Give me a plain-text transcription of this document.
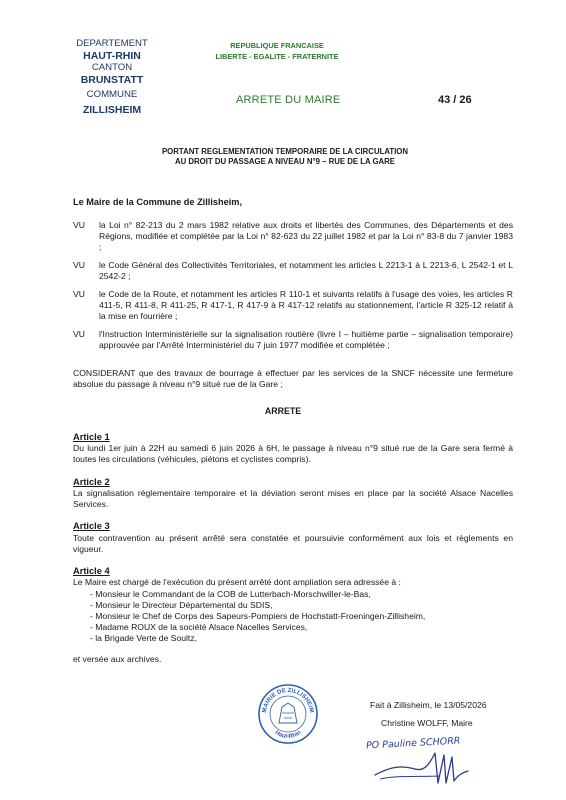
DEPARTEMENT
HAUT-RHIN
CANTON
BRUNSTATT
COMMUNE
ZILLISHEIM
REPUBLIQUE FRANCAISE
LIBERTE - EGALITE - FRATERNITE
ARRETE DU MAIRE	43 / 26
PORTANT REGLEMENTATION TEMPORAIRE DE LA CIRCULATION
AU DROIT DU PASSAGE A NIVEAU N°9 – RUE DE LA GARE
Le Maire de la Commune de Zillisheim,
VU	la Loi n° 82-213 du 2 mars 1982 relative aux droits et libertés des Communes, des Départements et des Régions, modifiée et complétée par la Loi n° 82-623 du 22 juillet 1982 et par la Loi n° 83-8 du 7 janvier 1983 ;
VU	le Code Général des Collectivités Territoriales, et notamment les articles L 2213-1 à L 2213-6, L 2542-1 et L 2542-2 ;
VU	le Code de la Route, et notamment les articles R 110-1 et suivants relatifs à l'usage des voies, les articles R 411-5, R 411-8, R 411-25, R 417-1, R 417-9 à R 417-12 relatifs au stationnement, l'article R 325-12 relatif à la mise en fourrière ;
VU	l'Instruction Interministérielle sur la signalisation routière (livre I – huitième partie – signalisation temporaire) approuvée par l'Arrêté Interministériel du 7 juin 1977 modifiée et complétée ;
CONSIDERANT que des travaux de bourrage à effectuer par les services de la SNCF nécessite une fermeture absolue du passage à niveau n°9 situé rue de la Gare ;
ARRETE
Article 1
Du lundi 1er juin à 22H au samedi 6 juin 2026 à 6H, le passage à niveau n°9 situé rue de la Gare sera fermé à toutes les circulations (véhicules, piétons et cyclistes compris).
Article 2
La signalisation réglementaire temporaire et la déviation seront mises en place par la société Alsace Nacelles Services.
Article 3
Toute contravention au présent arrêté sera constatée et poursuivie conformément aux lois et règlements en vigueur.
Article 4
Le Maire est chargé de l'exécution du présent arrêté dont ampliation sera adressée à :
- Monsieur le Commandant de la COB de Lutterbach-Morschwiller-le-Bas,
- Monsieur le Directeur Départemental du SDIS,
- Monsieur le Chef de Corps des Sapeurs-Pompiers de Hochstatt-Froeningen-Zillisheim,
- Madame ROUX de la société Alsace Nacelles Services,
- la Brigade Verte de Soultz,
et versée aux archives.
MAIRIE DE ZILLISHEIM
Haut-Rhin
Fait à Zillisheim, le 13/05/2026
Christine WOLFF, Maire
PO Pauline SCHORR
